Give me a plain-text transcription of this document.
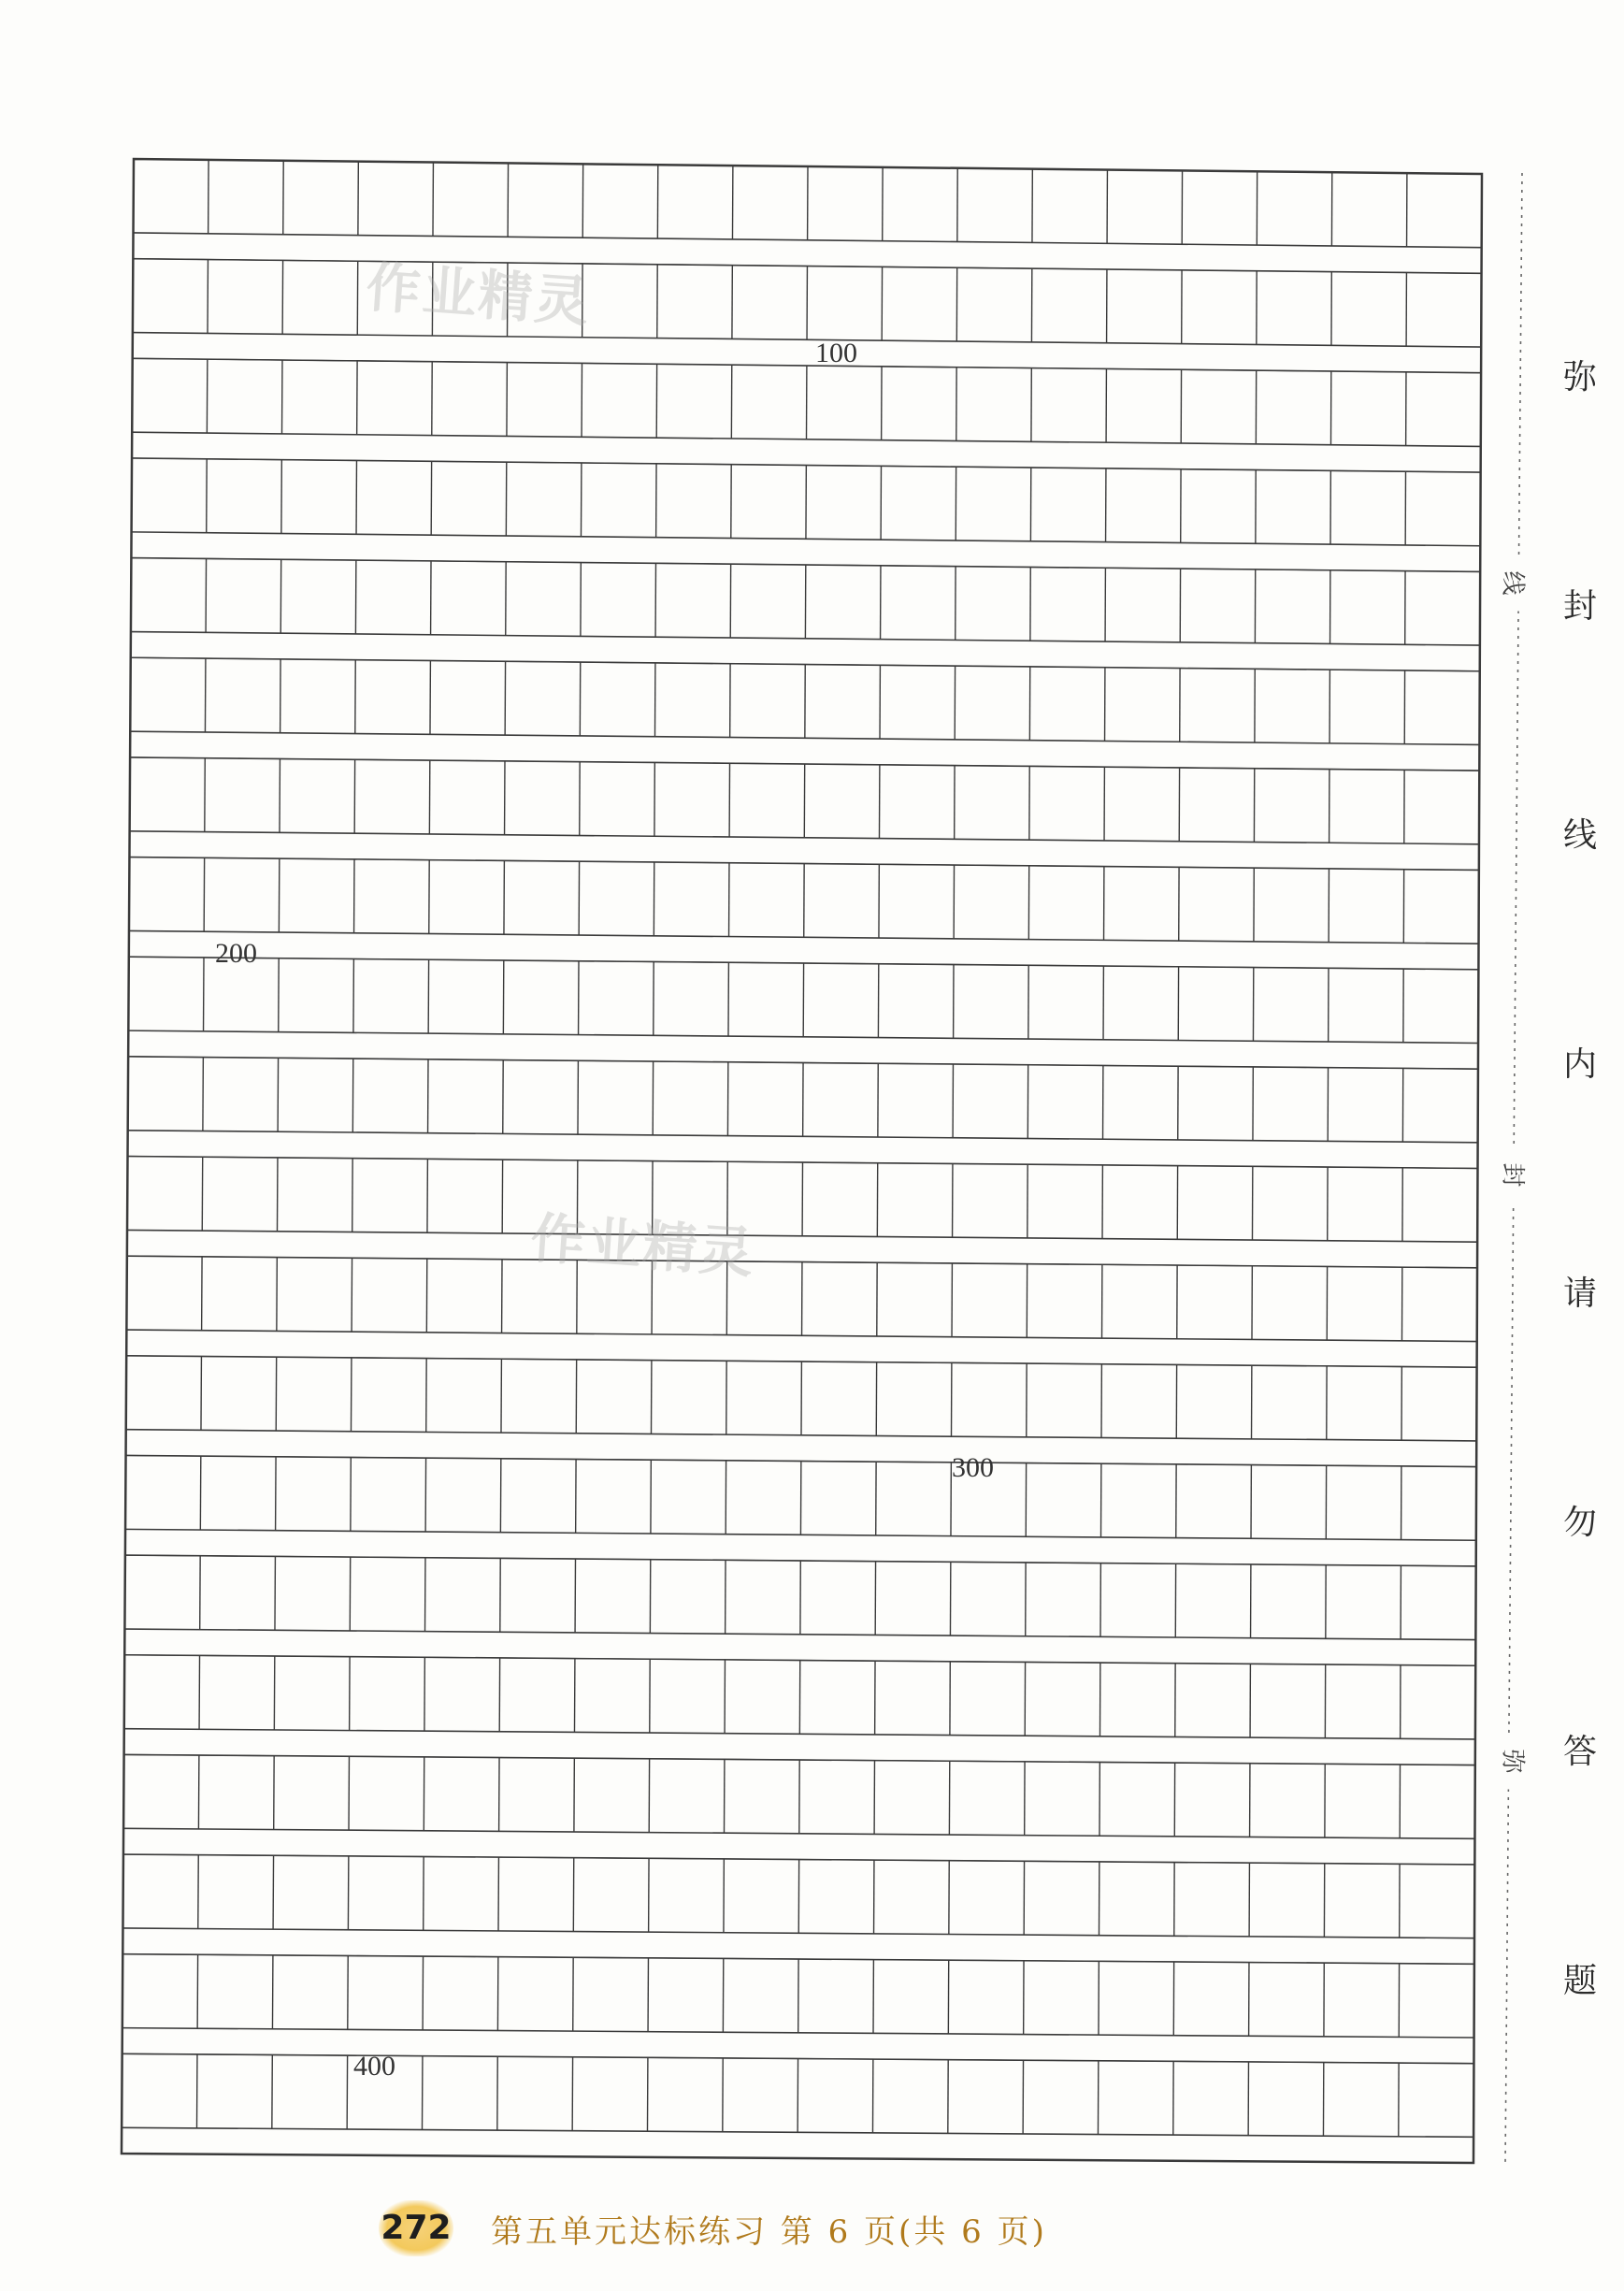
100
200
300
400
作业精灵
作业精灵
线
封
弥
弥
封
线
内
请
勿
答
题
272 第五单元达标练习 第 6 页(共 6 页)
